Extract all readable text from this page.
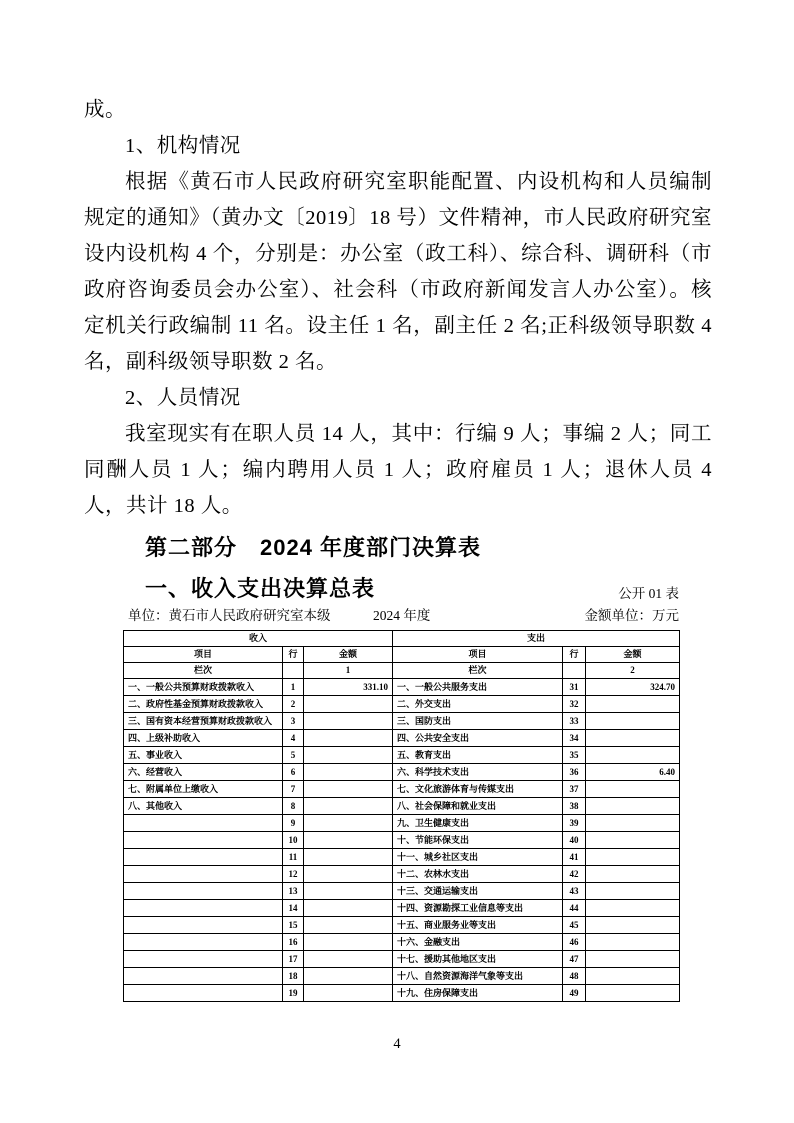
成。

1、机构情况

根据《黄石市人民政府研究室职能配置、内设机构和人员编制规定的通知》（黄办文〔2019〕18 号）文件精神，市人民政府研究室设内设机构 4 个，分别是：办公室（政工科）、综合科、调研科（市政府咨询委员会办公室）、社会科（市政府新闻发言人办公室）。核定机关行政编制 11 名。设主任 1 名，副主任 2 名;正科级领导职数 4 名，副科级领导职数 2 名。

2、人员情况

我室现实有在职人员 14 人，其中：行编 9 人；事编 2 人；同工同酬人员 1 人；编内聘用人员 1 人；政府雇员 1 人；退休人员 4 人，共计 18 人。

第二部分　2024 年度部门决算表
一、收入支出决算总表	公开 01 表
单位：黄石市人民政府研究室本级	2024 年度	金额单位：万元
收入			支出		
项目	行	金额	项目	行	金额
栏次		1	栏次		2
一、一般公共预算财政拨款收入	1	331.10	一、一般公共服务支出	31	324.70
二、政府性基金预算财政拨款收入	2		二、外交支出	32	
三、国有资本经营预算财政拨款收入	3		三、国防支出	33	
四、上级补助收入	4		四、公共安全支出	34	
五、事业收入	5		五、教育支出	35	
六、经营收入	6		六、科学技术支出	36	6.40
七、附属单位上缴收入	7		七、文化旅游体育与传媒支出	37	
八、其他收入	8		八、社会保障和就业支出	38	
	9		九、卫生健康支出	39	
	10		十、节能环保支出	40	
	11		十一、城乡社区支出	41	
	12		十二、农林水支出	42	
	13		十三、交通运输支出	43	
	14		十四、资源勘探工业信息等支出	44	
	15		十五、商业服务业等支出	45	
	16		十六、金融支出	46	
	17		十七、援助其他地区支出	47	
	18		十八、自然资源海洋气象等支出	48	
	19		十九、住房保障支出	49	
4
